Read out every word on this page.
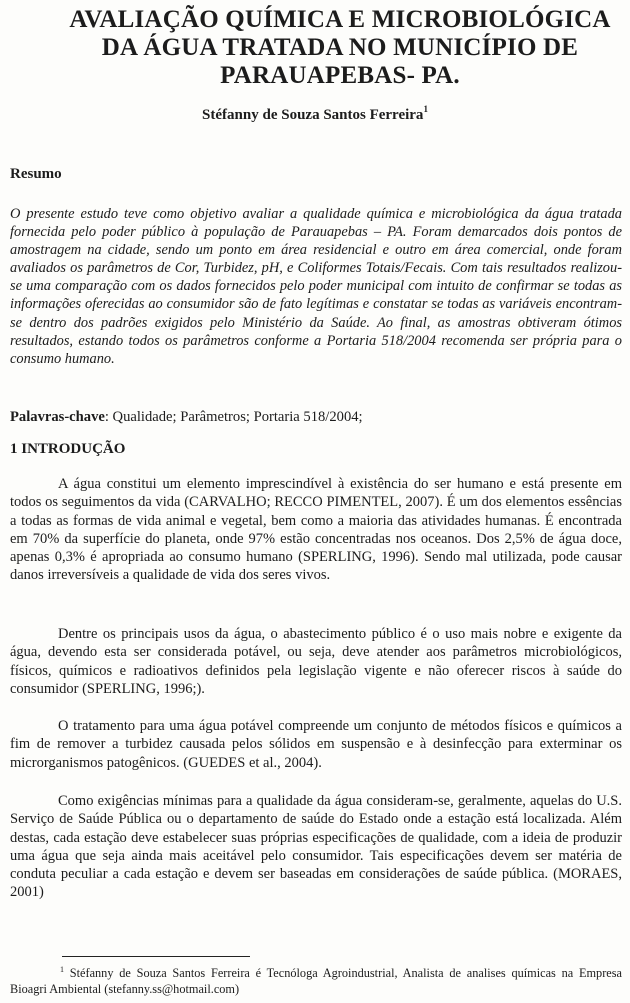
AVALIAÇÃO QUÍMICA E MICROBIOLÓGICA
DA ÁGUA TRATADA NO MUNICÍPIO DE
PARAUAPEBAS- PA.

Stéfanny de Souza Santos Ferreira$^1$

Resumo

O presente estudo teve como objetivo avaliar a qualidade química e microbiológica da água tratada fornecida pelo poder público à população de Parauapebas – PA. Foram demarcados dois pontos de amostragem na cidade, sendo um ponto em área residencial e outro em área comercial, onde foram avaliados os parâmetros de Cor, Turbidez, pH, e Coliformes Totais/Fecais. Com tais resultados realizou-se uma comparação com os dados fornecidos pelo poder municipal com intuito de confirmar se todas as informações oferecidas ao consumidor são de fato legítimas e constatar se todas as variáveis encontram-se dentro dos padrões exigidos pelo Ministério da Saúde. Ao final, as amostras obtiveram ótimos resultados, estando todos os parâmetros conforme a Portaria 518/2004 recomenda ser própria para o consumo humano.

Palavras-chave: Qualidade; Parâmetros; Portaria 518/2004;

1 INTRODUÇÃO

A água constitui um elemento imprescindível à existência do ser humano e está presente em todos os seguimentos da vida (CARVALHO; RECCO PIMENTEL, 2007). É um dos elementos essências a todas as formas de vida animal e vegetal, bem como a maioria das atividades humanas. É encontrada em 70% da superfície do planeta, onde 97% estão concentradas nos oceanos. Dos 2,5% de água doce, apenas 0,3% é apropriada ao consumo humano (SPERLING, 1996). Sendo mal utilizada, pode causar danos irreversíveis a qualidade de vida dos seres vivos.

Dentre os principais usos da água, o abastecimento público é o uso mais nobre e exigente da água, devendo esta ser considerada potável, ou seja, deve atender aos parâmetros microbiológicos, físicos, químicos e radioativos definidos pela legislação vigente e não oferecer riscos à saúde do consumidor (SPERLING, 1996;).

O tratamento para uma água potável compreende um conjunto de métodos físicos e químicos a fim de remover a turbidez causada pelos sólidos em suspensão e à desinfecção para exterminar os microrganismos patogênicos. (GUEDES et al., 2004).

Como exigências mínimas para a qualidade da água consideram-se, geralmente, aquelas do U.S. Serviço de Saúde Pública ou o departamento de saúde do Estado onde a estação está localizada. Além destas, cada estação deve estabelecer suas próprias especificações de qualidade, com a ideia de produzir uma água que seja ainda mais aceitável pelo consumidor. Tais especificações devem ser matéria de conduta peculiar a cada estação e devem ser baseadas em considerações de saúde pública. (MORAES, 2001)

$^1$ Stéfanny de Souza Santos Ferreira é Tecnóloga Agroindustrial, Analista de analises químicas na Empresa Bioagri Ambiental (stefanny.ss@hotmail.com)
